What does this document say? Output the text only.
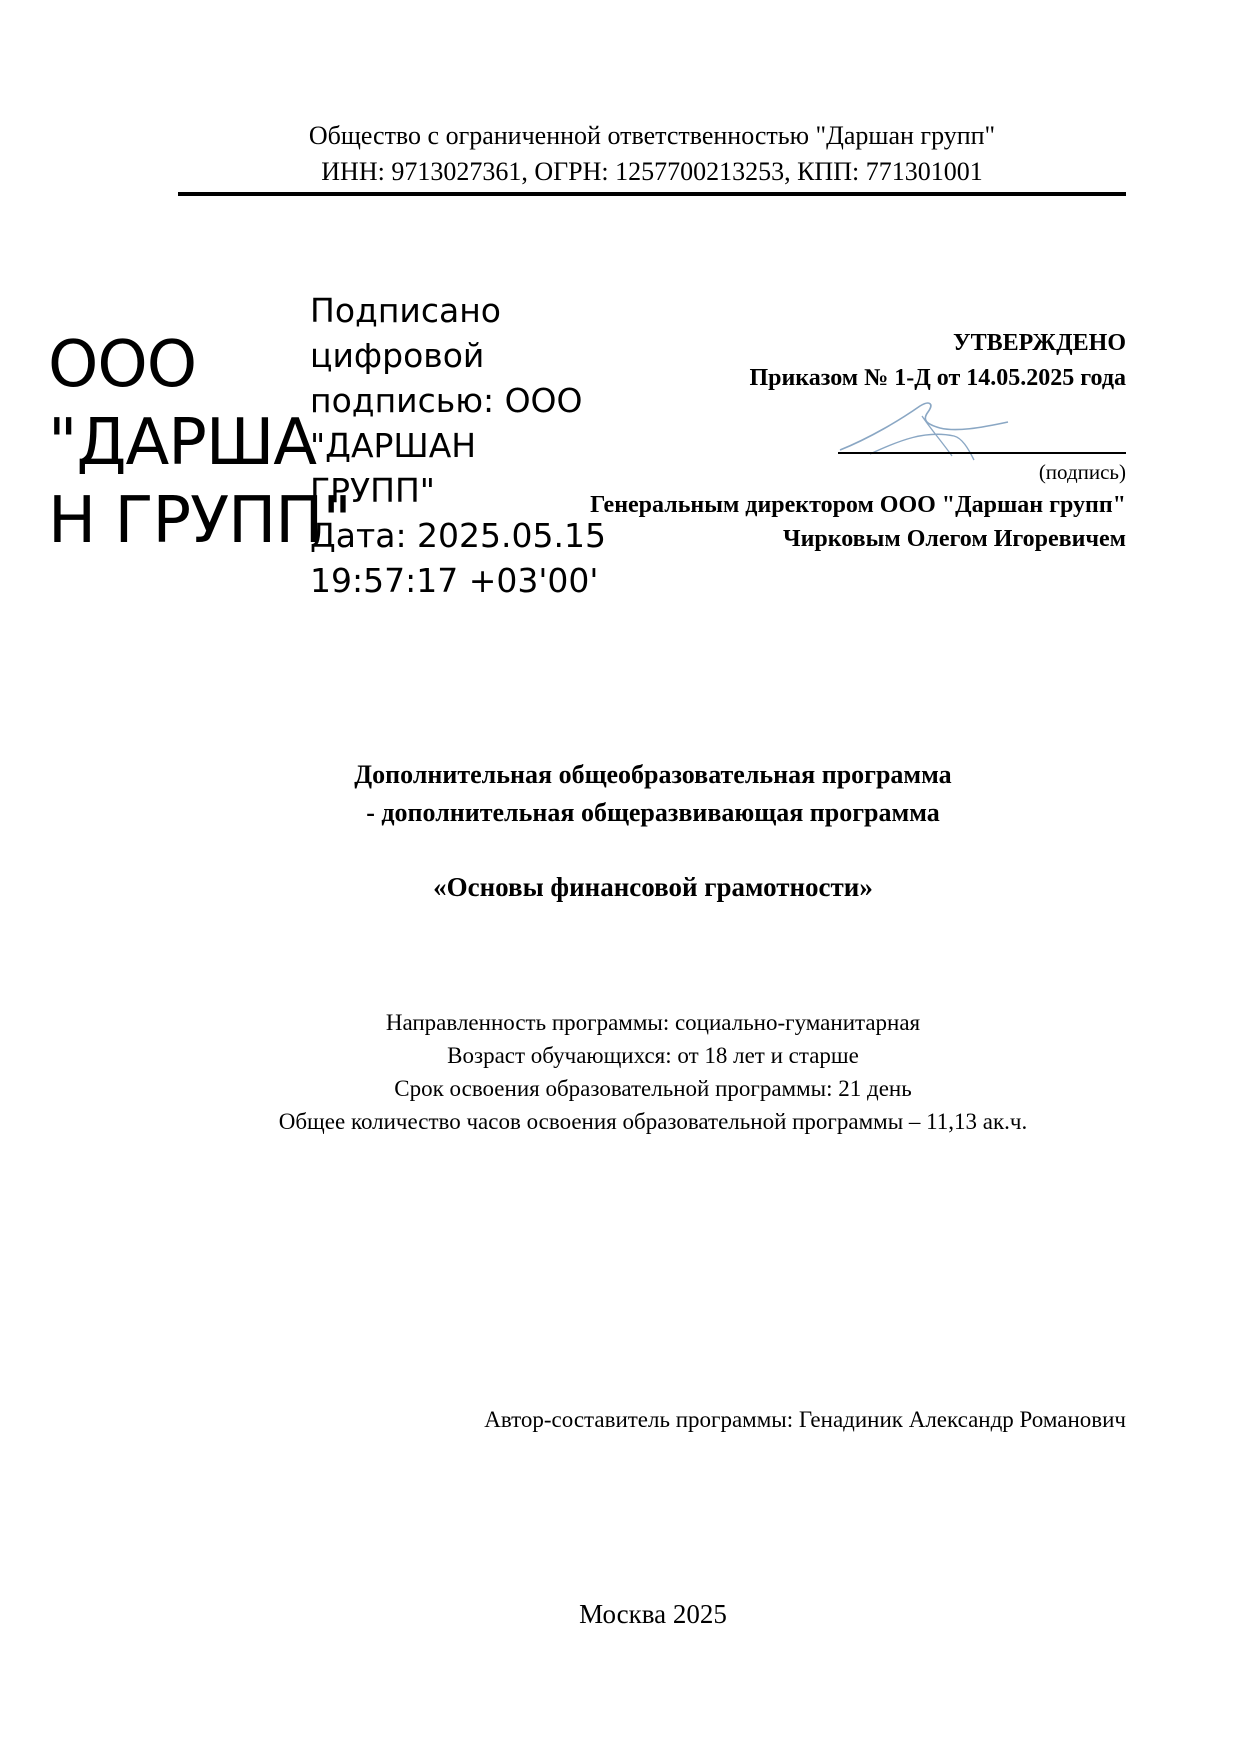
Общество с ограниченной ответственностью "Даршан групп"
ИНН: 9713027361, ОГРН: 1257700213253, КПП: 771301001
ООО
"ДАРША
Н ГРУПП"
Подписано
цифровой
подписью: ООО
"ДАРШАН
ГРУПП"
Дата: 2025.05.15
19:57:17 +03'00'
УТВЕРЖДЕНО
Приказом № 1-Д от 14.05.2025 года
(подпись)
Генеральным директором ООО "Даршан групп"
Чирковым Олегом Игоревичем
Дополнительная общеобразовательная программа
- дополнительная общеразвивающая программа
«Основы финансовой грамотности»
Направленность программы: социально-гуманитарная
Возраст обучающихся: от 18 лет и старше
Срок освоения образовательной программы: 21 день
Общее количество часов освоения образовательной программы – 11,13 ак.ч.
Автор-составитель программы: Генадиник Александр Романович
Москва 2025
